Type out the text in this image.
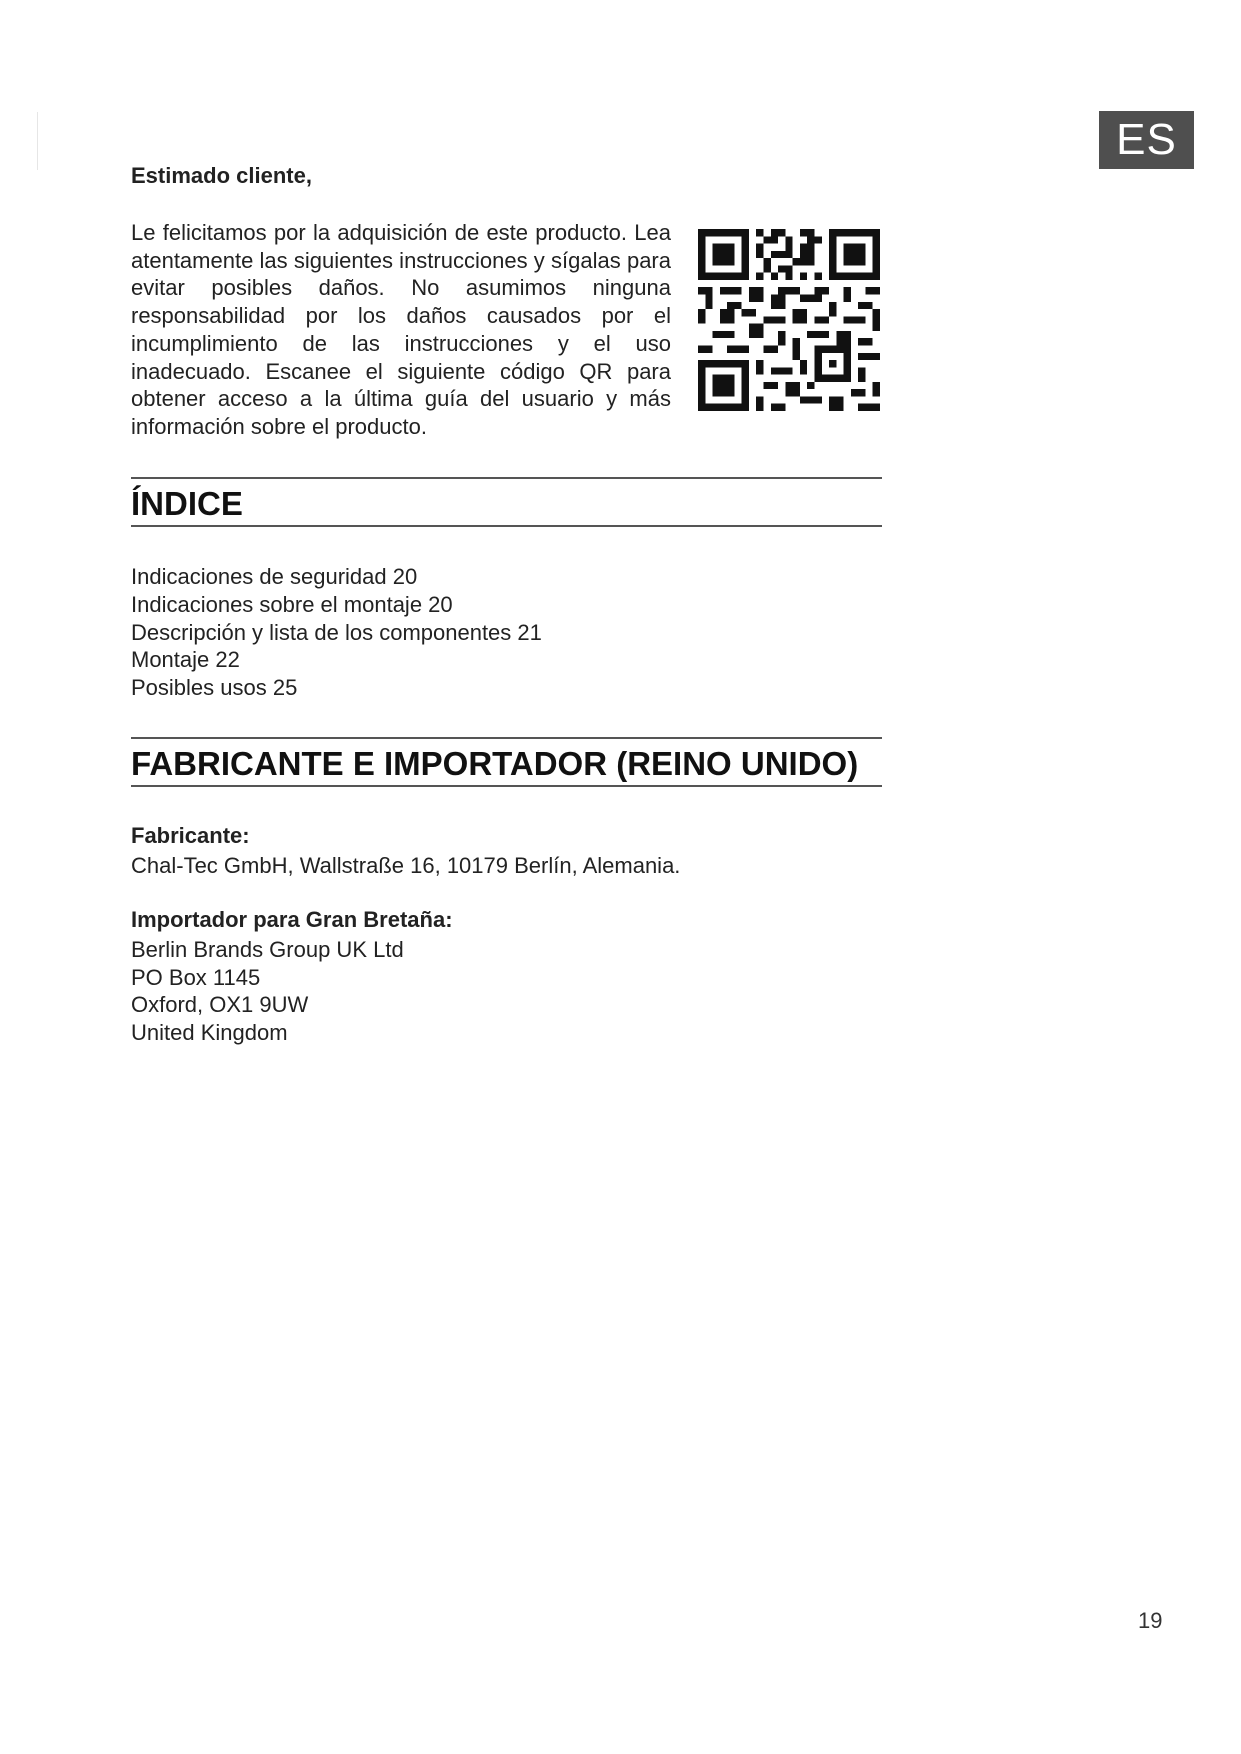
ES
Estimado cliente,

Le felicitamos por la adquisición de este producto. Lea atentamente las siguientes instrucciones y sígalas para evitar posibles daños. No asumimos ninguna responsabilidad por los daños causados por el incumplimiento de las instrucciones y el uso inadecuado. Escanee el siguiente código QR para obtener acceso a la última guía del usuario y más información sobre el producto.

ÍNDICE
Indicaciones de seguridad 20
Indicaciones sobre el montaje 20
Descripción y lista de los componentes 21
Montaje 22
Posibles usos 25
FABRICANTE E IMPORTADOR (REINO UNIDO)
Fabricante:
Chal-Tec GmbH, Wallstraße 16, 10179 Berlín, Alemania.
Importador para Gran Bretaña:
Berlin Brands Group UK Ltd
PO Box 1145
Oxford, OX1 9UW
United Kingdom
19
